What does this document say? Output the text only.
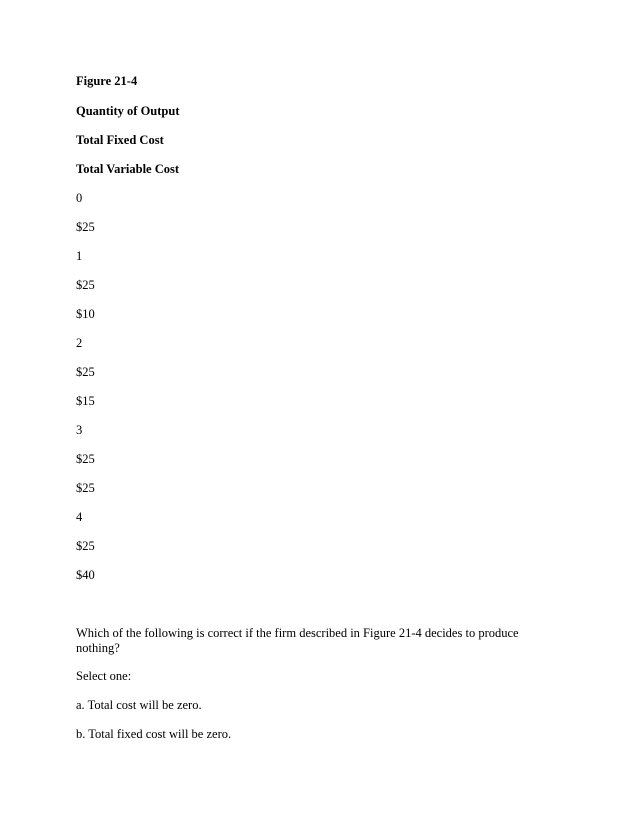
Figure 21-4
Quantity of Output
Total Fixed Cost
Total Variable Cost
0
$25
1
$25
$10
2
$25
$15
3
$25
$25
4
$25
$40
Which of the following is correct if the firm described in Figure 21-4 decides to produce nothing?
Select one:
a. Total cost will be zero.
b. Total fixed cost will be zero.
